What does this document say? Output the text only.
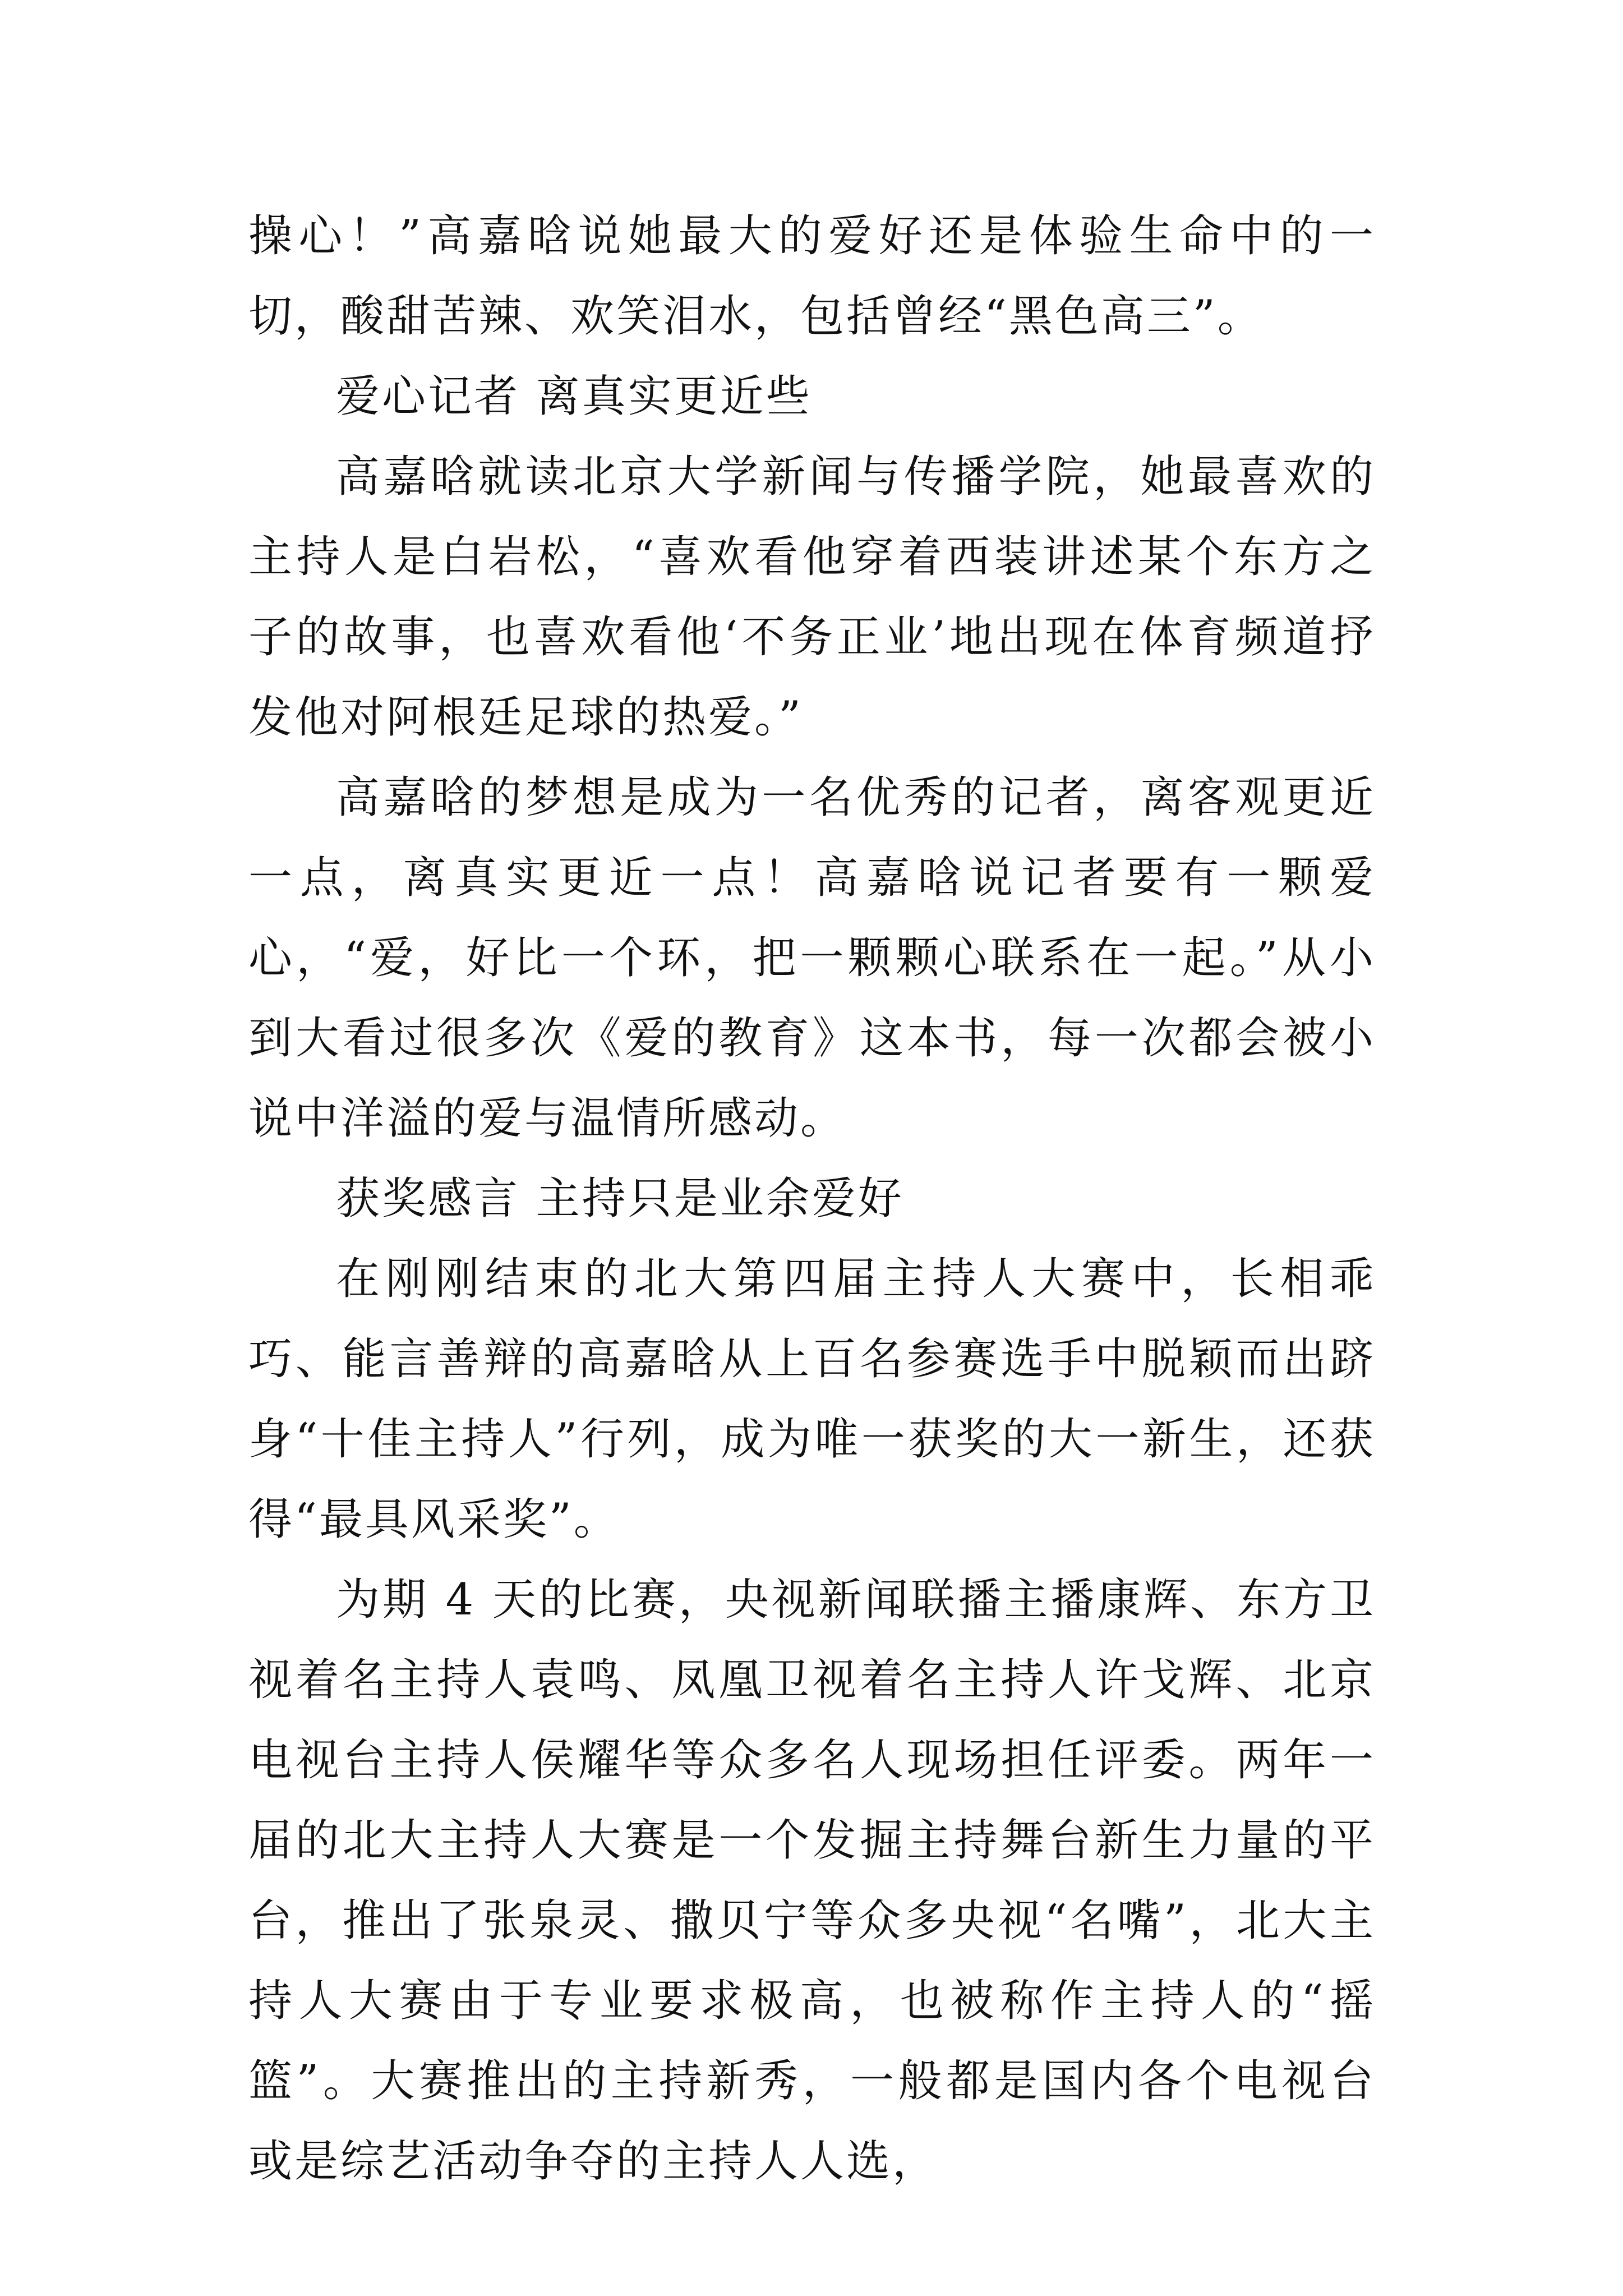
操心！”高嘉晗说她最大的爱好还是体验生命中的一切，酸甜苦辣、欢笑泪水，包括曾经“黑色高三”。

爱心记者 离真实更近些

高嘉晗就读北京大学新闻与传播学院，她最喜欢的主持人是白岩松，“喜欢看他穿着西装讲述某个东方之子的故事，也喜欢看他‘不务正业’地出现在体育频道抒发他对阿根廷足球的热爱。”

高嘉晗的梦想是成为一名优秀的记者，离客观更近一点，离真实更近一点！高嘉晗说记者要有一颗爱心，“爱，好比一个环，把一颗颗心联系在一起。”从小到大看过很多次《爱的教育》这本书，每一次都会被小说中洋溢的爱与温情所感动。

获奖感言 主持只是业余爱好

在刚刚结束的北大第四届主持人大赛中，长相乖巧、能言善辩的高嘉晗从上百名参赛选手中脱颖而出跻身“十佳主持人”行列，成为唯一获奖的大一新生，还获得“最具风采奖”。

为期 4 天的比赛，央视新闻联播主播康辉、东方卫视着名主持人袁鸣、凤凰卫视着名主持人许戈辉、北京电视台主持人侯耀华等众多名人现场担任评委。两年一届的北大主持人大赛是一个发掘主持舞台新生力量的平台，推出了张泉灵、撒贝宁等众多央视“名嘴”，北大主持人大赛由于专业要求极高，也被称作主持人的“摇篮”。大赛推出的主持新秀，一般都是国内各个电视台或是综艺活动争夺的主持人人选，
